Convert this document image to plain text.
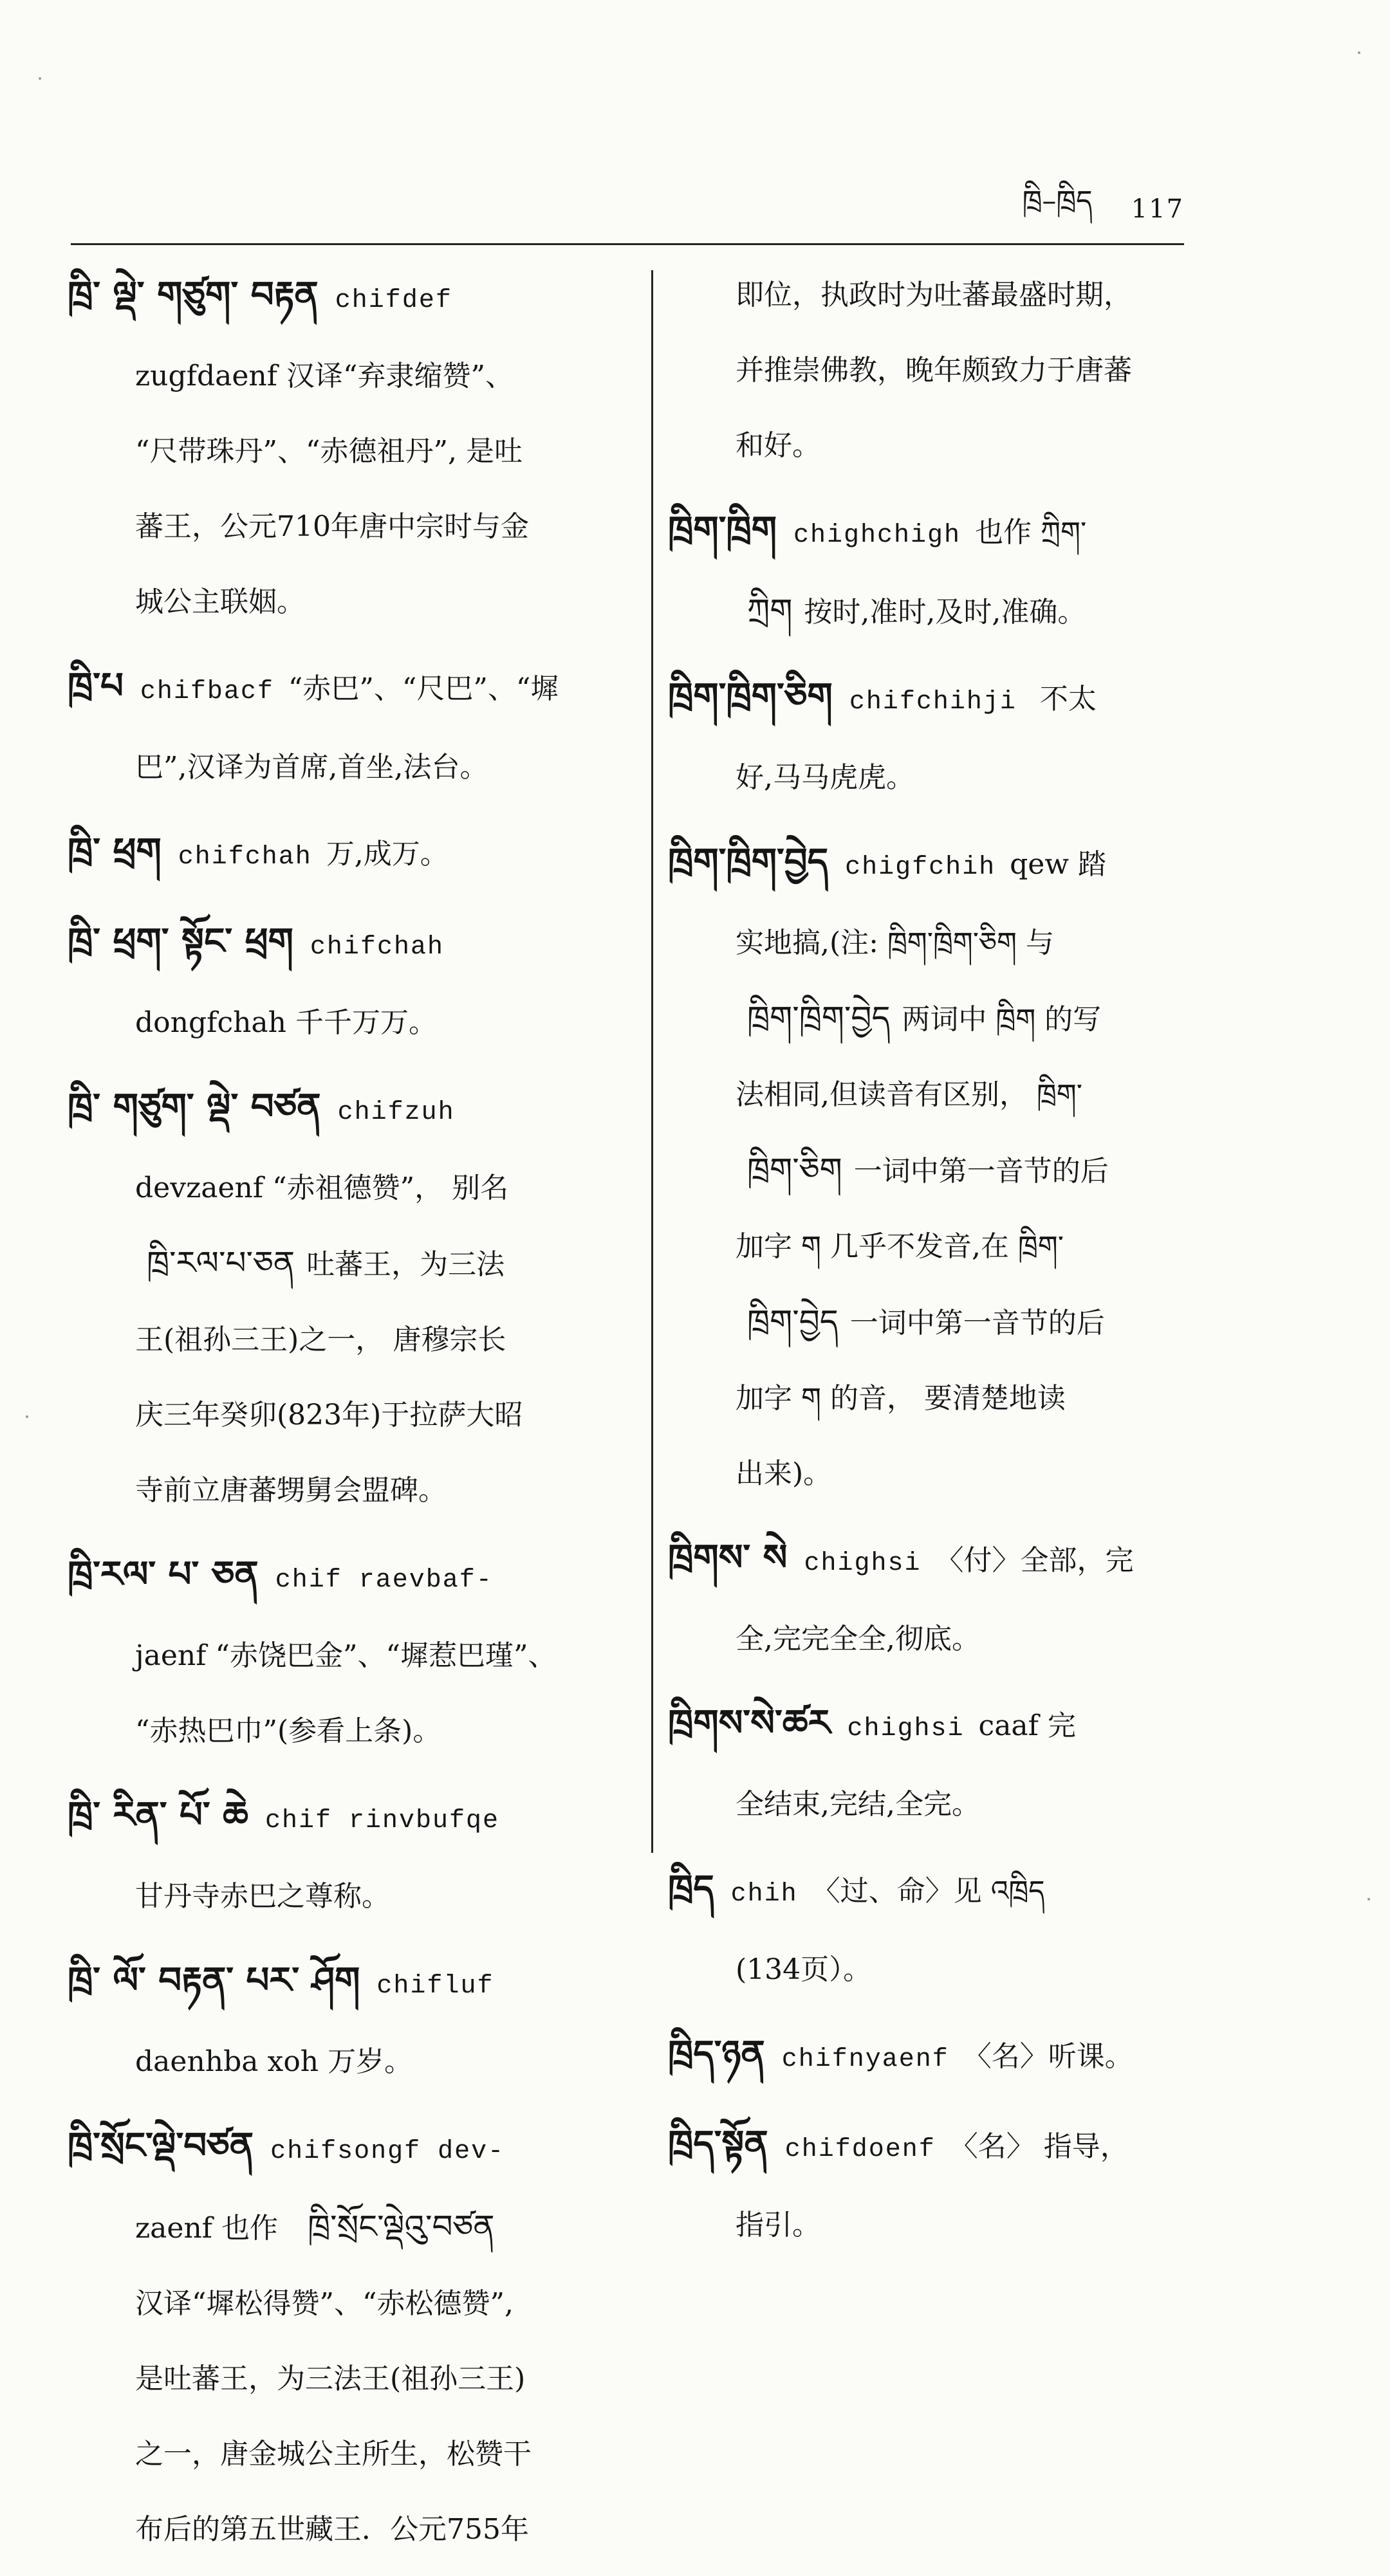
ཁྲི–ཁྲིད 117
ཁྲི་ ལྡེ་ གཙུག་ བརྟན chifdef
zugfdaenf 汉译“弃隶缩赞”、
“尺带珠丹”、“赤德祖丹”, 是吐
蕃王，公元710年唐中宗时与金
城公主联姻。
ཁྲི་པ chifbacf “赤巴”、“尺巴”、“墀
巴”,汉译为首席,首坐,法台。
ཁྲི་ ཕྲག chifchah 万,成万。
ཁྲི་ ཕྲག་ སྟོང་ ཕྲག chifchah
dongfchah 千千万万。
ཁྲི་ གཙུག་ ལྡེ་ བཙན chifzuh
devzaenf “赤祖德赞”， 别名
ཁྲི་རལ་པ་ཅན 吐蕃王，为三法
王(祖孙三王)之一， 唐穆宗长
庆三年癸卯(823年)于拉萨大昭
寺前立唐蕃甥舅会盟碑。
ཁྲི་རལ་ པ་ ཅན chif raevbaf-
jaenf “赤饶巴金”、“墀惹巴瑾”、
“赤热巴巾”(参看上条)。
ཁྲི་ རིན་ པོ་ ཆེ chif rinvbufqe
甘丹寺赤巴之尊称。
ཁྲི་ ལོ་ བརྟན་ པར་ ཤོག chifluf
daenhba xoh 万岁。
ཁྲི་སྲོང་ལྡེ་བཙན chifsongf dev-
zaenf 也作 ཁྲི་སྲོང་ལྡེའུ་བཙན
汉译“墀松得赞”、“赤松德赞”,
是吐蕃王，为三法王(祖孙三王)
之一，唐金城公主所生，松赞干
布后的第五世藏王．公元755年
即位，执政时为吐蕃最盛时期，
并推崇佛教，晚年颇致力于唐蕃
和好。
ཁྲིག་ཁྲིག chighchigh 也作 ཀྲིག་
ཀྲིག 按时,准时,及时,准确。
ཁྲིག་ཁྲིག་ཅིག chifchihji 不太
好,马马虎虎。
ཁྲིག་ཁྲིག་བྱེད chigfchih qew 踏
实地搞,(注: ཁྲིག་ཁྲིག་ཅིག 与
ཁྲིག་ཁྲིག་བྱེད 两词中 ཁྲིག 的写
法相同,但读音有区别， ཁྲིག་
ཁྲིག་ཅིག 一词中第一音节的后
加字 ག 几乎不发音,在 ཁྲིག་
ཁྲིག་བྱེད 一词中第一音节的后
加字 ག 的音， 要清楚地读
出来)。
ཁྲིགས་ སེ chighsi 〈付〉全部，完
全,完完全全,彻底。
ཁྲིགས་སེ་ཚར chighsi caaf 完
全结束,完结,全完。
ཁྲིད chih 〈过、命〉见 འཁྲིད
(134页）。
ཁྲིད་ཉན chifnyaenf 〈名〉听课。
ཁྲིད་སྟོན chifdoenf 〈名〉 指导，
指引。
